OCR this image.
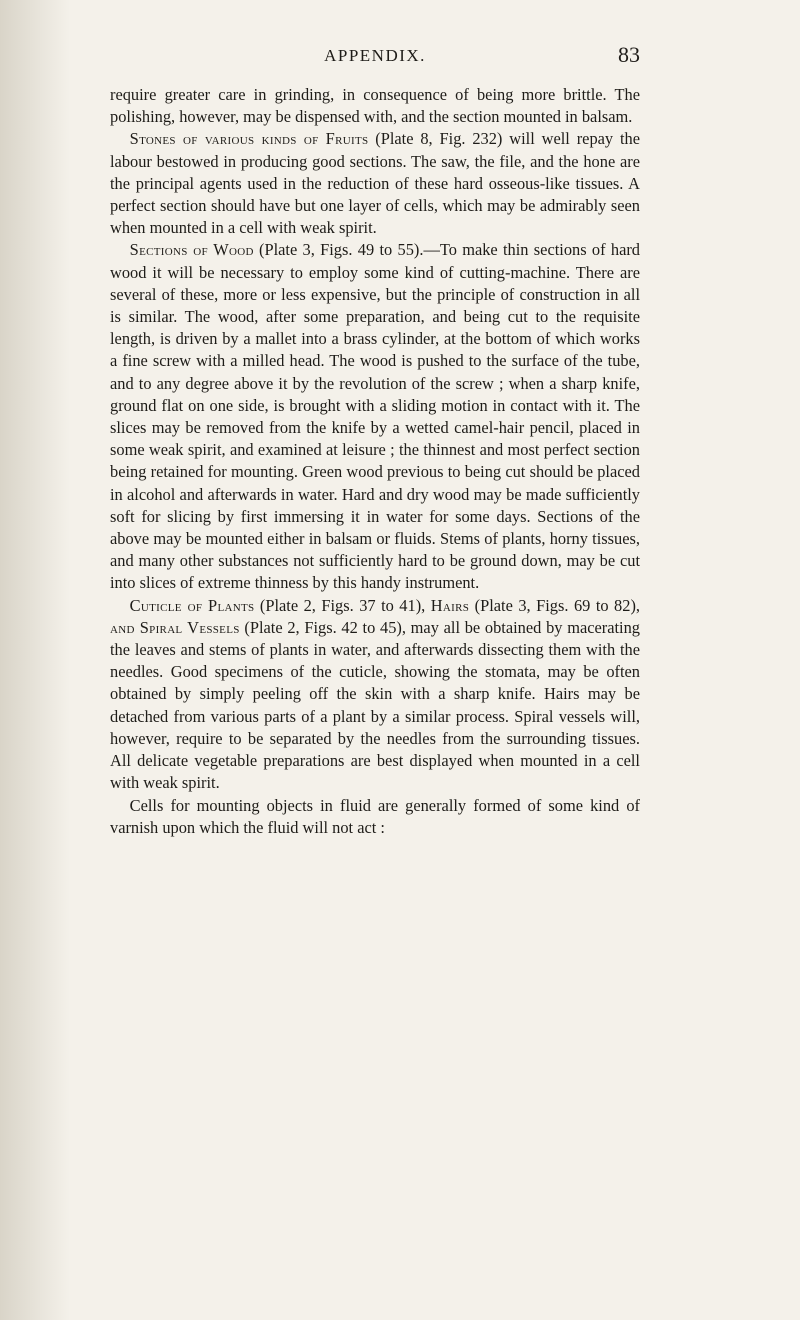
APPENDIX.	83

require greater care in grinding, in consequence of being more brittle. The polishing, however, may be dispensed with, and the section mounted in balsam.

Stones of various kinds of Fruits (Plate 8, Fig. 232) will well repay the labour bestowed in producing good sections. The saw, the file, and the hone are the principal agents used in the reduction of these hard osseous-like tissues. A perfect section should have but one layer of cells, which may be admirably seen when mounted in a cell with weak spirit.

Sections of Wood (Plate 3, Figs. 49 to 55).—To make thin sections of hard wood it will be necessary to employ some kind of cutting-machine. There are several of these, more or less expensive, but the principle of construction in all is similar. The wood, after some preparation, and being cut to the requisite length, is driven by a mallet into a brass cylinder, at the bottom of which works a fine screw with a milled head. The wood is pushed to the surface of the tube, and to any degree above it by the revolution of the screw ; when a sharp knife, ground flat on one side, is brought with a sliding motion in contact with it. The slices may be removed from the knife by a wetted camel-hair pencil, placed in some weak spirit, and examined at leisure ; the thinnest and most perfect section being retained for mounting. Green wood previous to being cut should be placed in alcohol and afterwards in water. Hard and dry wood may be made sufficiently soft for slicing by first immersing it in water for some days. Sections of the above may be mounted either in balsam or fluids. Stems of plants, horny tissues, and many other substances not sufficiently hard to be ground down, may be cut into slices of extreme thinness by this handy instrument.

Cuticle of Plants (Plate 2, Figs. 37 to 41), Hairs (Plate 3, Figs. 69 to 82), and Spiral Vessels (Plate 2, Figs. 42 to 45), may all be obtained by macerating the leaves and stems of plants in water, and afterwards dissecting them with the needles. Good specimens of the cuticle, showing the stomata, may be often obtained by simply peeling off the skin with a sharp knife. Hairs may be detached from various parts of a plant by a similar process. Spiral vessels will, however, require to be separated by the needles from the surrounding tissues. All delicate vegetable preparations are best displayed when mounted in a cell with weak spirit.

Cells for mounting objects in fluid are generally formed of some kind of varnish upon which the fluid will not act :
